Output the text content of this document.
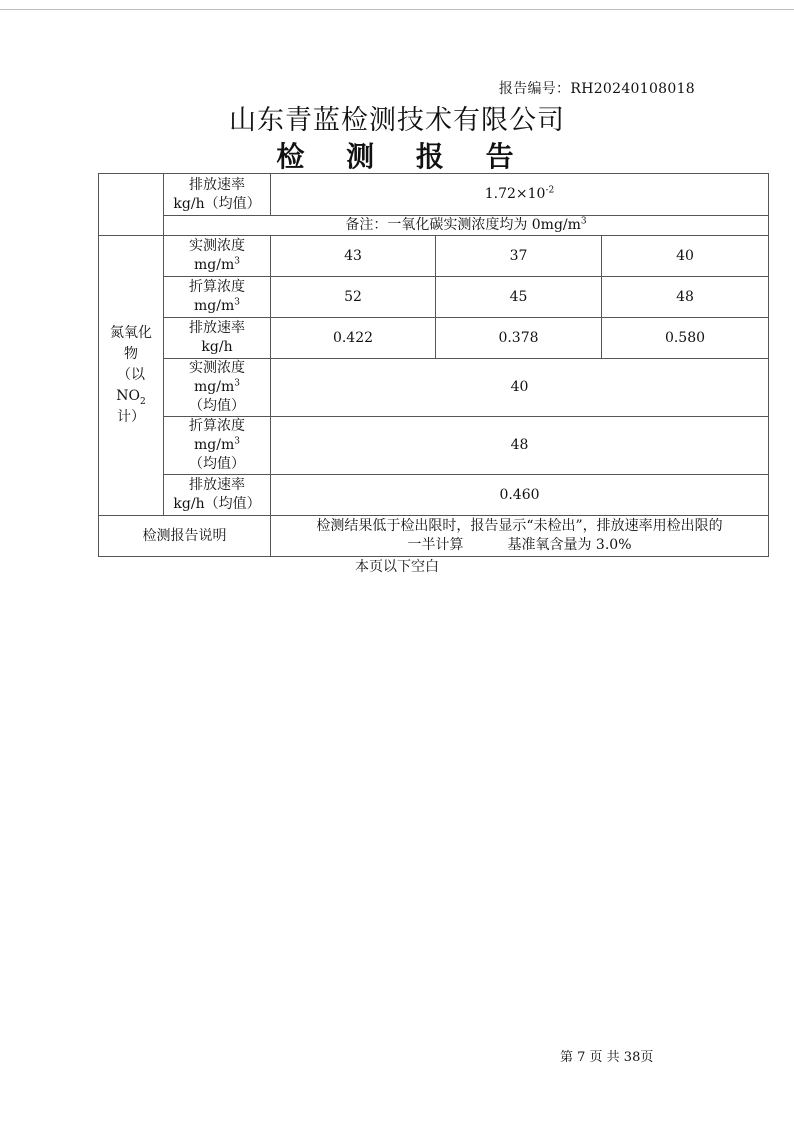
报告编号：RH20240108018
山东青蓝检测技术有限公司
检 测 报 告
	排放速率
kg/h（均值）	$1.72\times 10^{-2}$
	备注：一氧化碳实测浓度均为 $0mg/m^3$
氮氧化
物
（以
$NO_2$
计）	实测浓度
$mg/m^3$	43	37	40
	折算浓度
$mg/m^3$	52	45	48
	排放速率
kg/h	0.422	0.378	0.580
	实测浓度
$mg/m^3$（均值）	40		
	折算浓度
$mg/m^3$（均值）	48		
	排放速率
kg/h（均值）	0.460		
检测报告说明		检测结果低于检出限时，报告显示“未检出”，排放速率用检出限的
一半计算 基准氧含量为 3.0%		
本页以下空白
第 7 页 共 38页
